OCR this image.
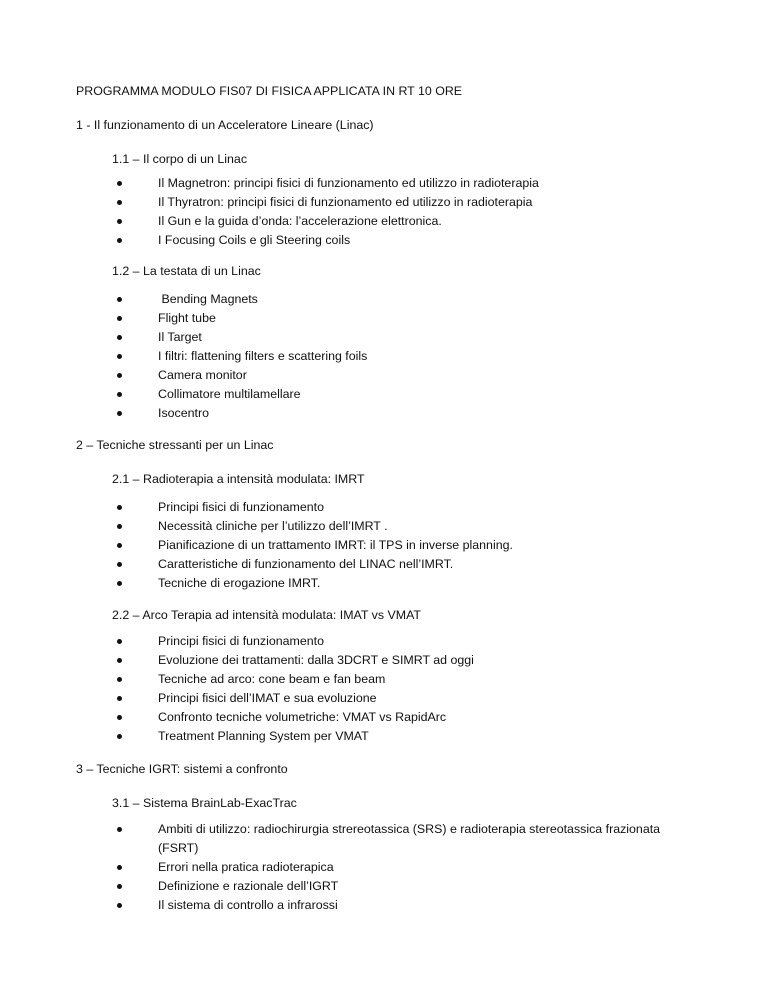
PROGRAMMA MODULO FIS07 DI FISICA APPLICATA IN RT 10 ORE
1 - Il funzionamento di un Acceleratore Lineare (Linac)
1.1 – Il corpo di un Linac
Il Magnetron: principi fisici di funzionamento ed utilizzo in radioterapia
Il Thyratron: principi fisici di funzionamento ed utilizzo in radioterapia
Il Gun e la guida d’onda: l’accelerazione elettronica.
I Focusing Coils e gli Steering coils
1.2 – La testata di un Linac
Bending Magnets
Flight tube
Il Target
I filtri: flattening filters e scattering foils
Camera monitor
Collimatore multilamellare
Isocentro
2 – Tecniche stressanti per un Linac
2.1 – Radioterapia a intensità modulata: IMRT
Principi fisici di funzionamento
Necessità cliniche per l’utilizzo dell’IMRT .
Pianificazione di un trattamento IMRT: il TPS in inverse planning.
Caratteristiche di funzionamento del LINAC nell’IMRT.
Tecniche di erogazione IMRT.
2.2 – Arco Terapia ad intensità modulata: IMAT vs VMAT
Principi fisici di funzionamento
Evoluzione dei trattamenti: dalla 3DCRT e SIMRT ad oggi
Tecniche ad arco: cone beam e fan beam
Principi fisici dell’IMAT e sua evoluzione
Confronto tecniche volumetriche: VMAT vs RapidArc
Treatment Planning System per VMAT
3 – Tecniche IGRT: sistemi a confronto
3.1 – Sistema BrainLab-ExacTrac
Ambiti di utilizzo: radiochirurgia strereotassica (SRS) e radioterapia stereotassica frazionata (FSRT)
Errori nella pratica radioterapica
Definizione e razionale dell’IGRT
Il sistema di controllo a infrarossi
